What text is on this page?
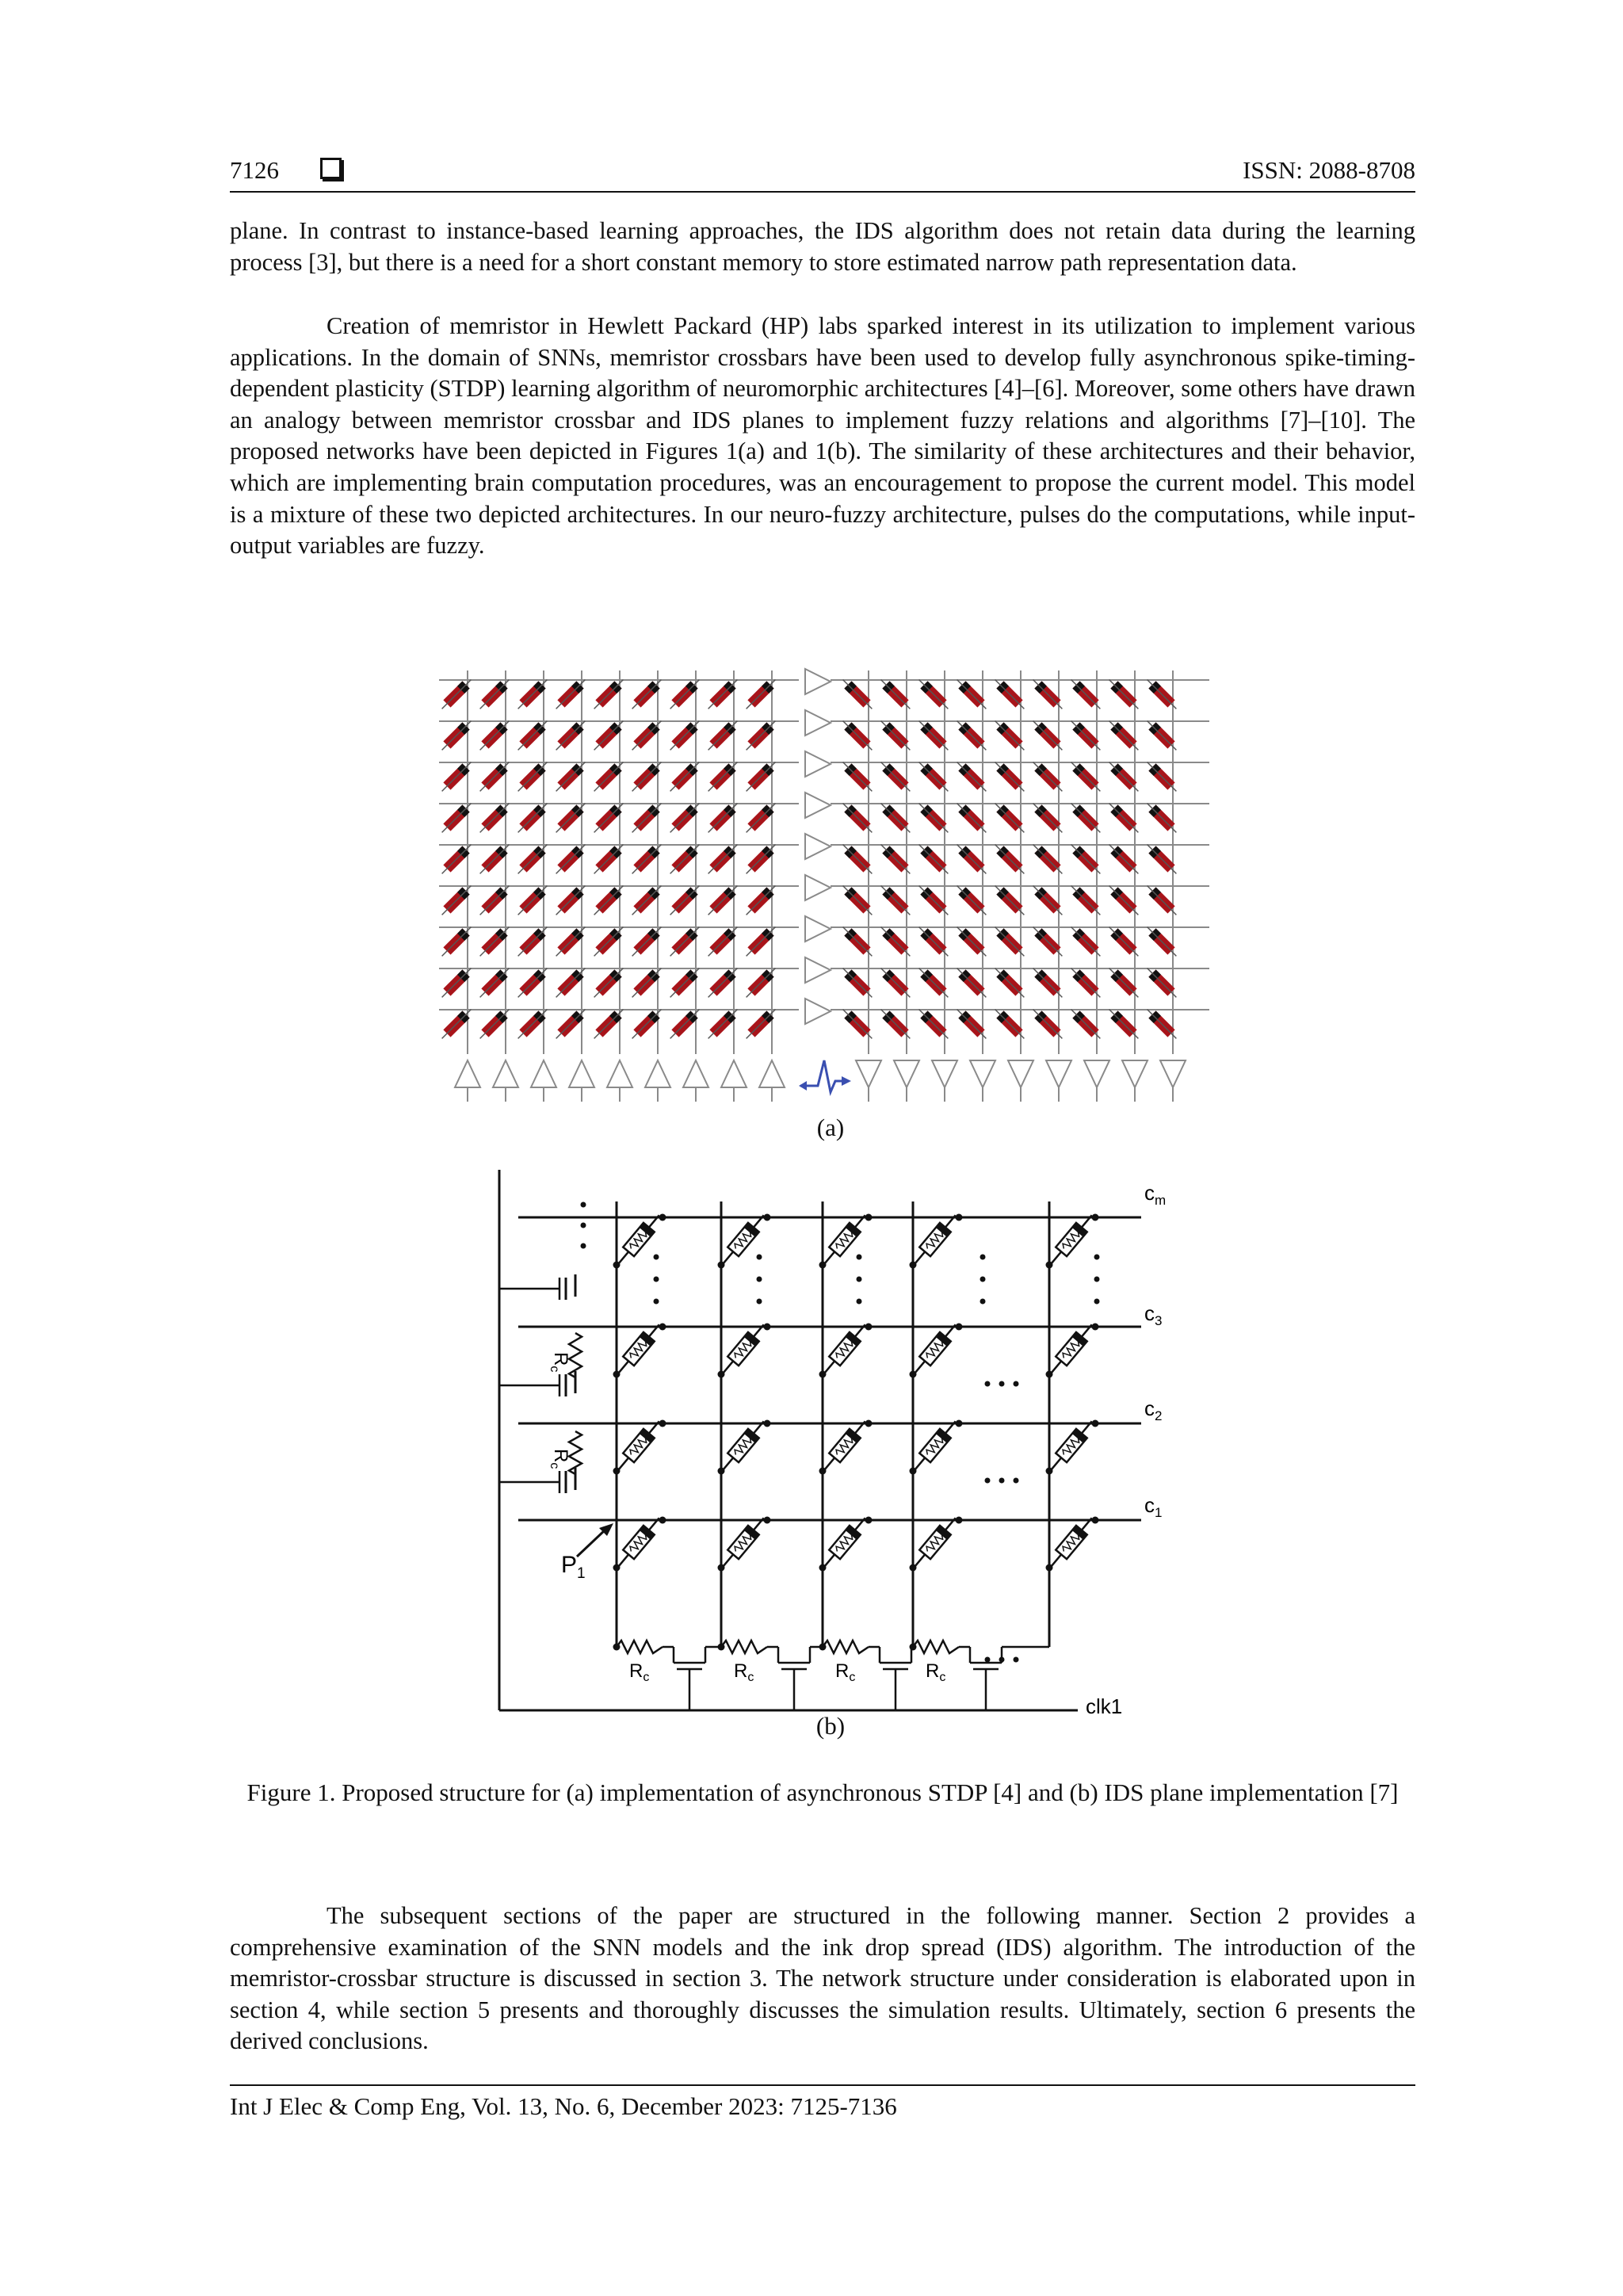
7126	ISSN: 2088-8708

plane. In contrast to instance-based learning approaches, the IDS algorithm does not retain data during the learning process [3], but there is a need for a short constant memory to store estimated narrow path representation data.

Creation of memristor in Hewlett Packard (HP) labs sparked interest in its utilization to implement various applications. In the domain of SNNs, memristor crossbars have been used to develop fully asynchronous spike-timing-dependent plasticity (STDP) learning algorithm of neuromorphic architectures [4]–[6]. Moreover, some others have drawn an analogy between memristor crossbar and IDS planes to implement fuzzy relations and algorithms [7]–[10]. The proposed networks have been depicted in Figures 1(a) and 1(b). The similarity of these architectures and their behavior, which are implementing brain computation procedures, was an encouragement to propose the current model. This model is a mixture of these two depicted architectures. In our neuro-fuzzy architecture, pulses do the computations, while input-output variables are fuzzy.

(a)
$c_m$
$c_3$
$c_2$
$c_1$
$P_1$
clk1
$R_c$
$R_c$
$R_c$	$R_c$	$R_c$	$R_c$
(b)

Figure 1. Proposed structure for (a) implementation of asynchronous STDP [4] and (b) IDS plane implementation [7]

The subsequent sections of the paper are structured in the following manner. Section 2 provides a comprehensive examination of the SNN models and the ink drop spread (IDS) algorithm. The introduction of the memristor-crossbar structure is discussed in section 3. The network structure under consideration is elaborated upon in section 4, while section 5 presents and thoroughly discusses the simulation results. Ultimately, section 6 presents the derived conclusions.

Int J Elec & Comp Eng, Vol. 13, No. 6, December 2023: 7125-7136
